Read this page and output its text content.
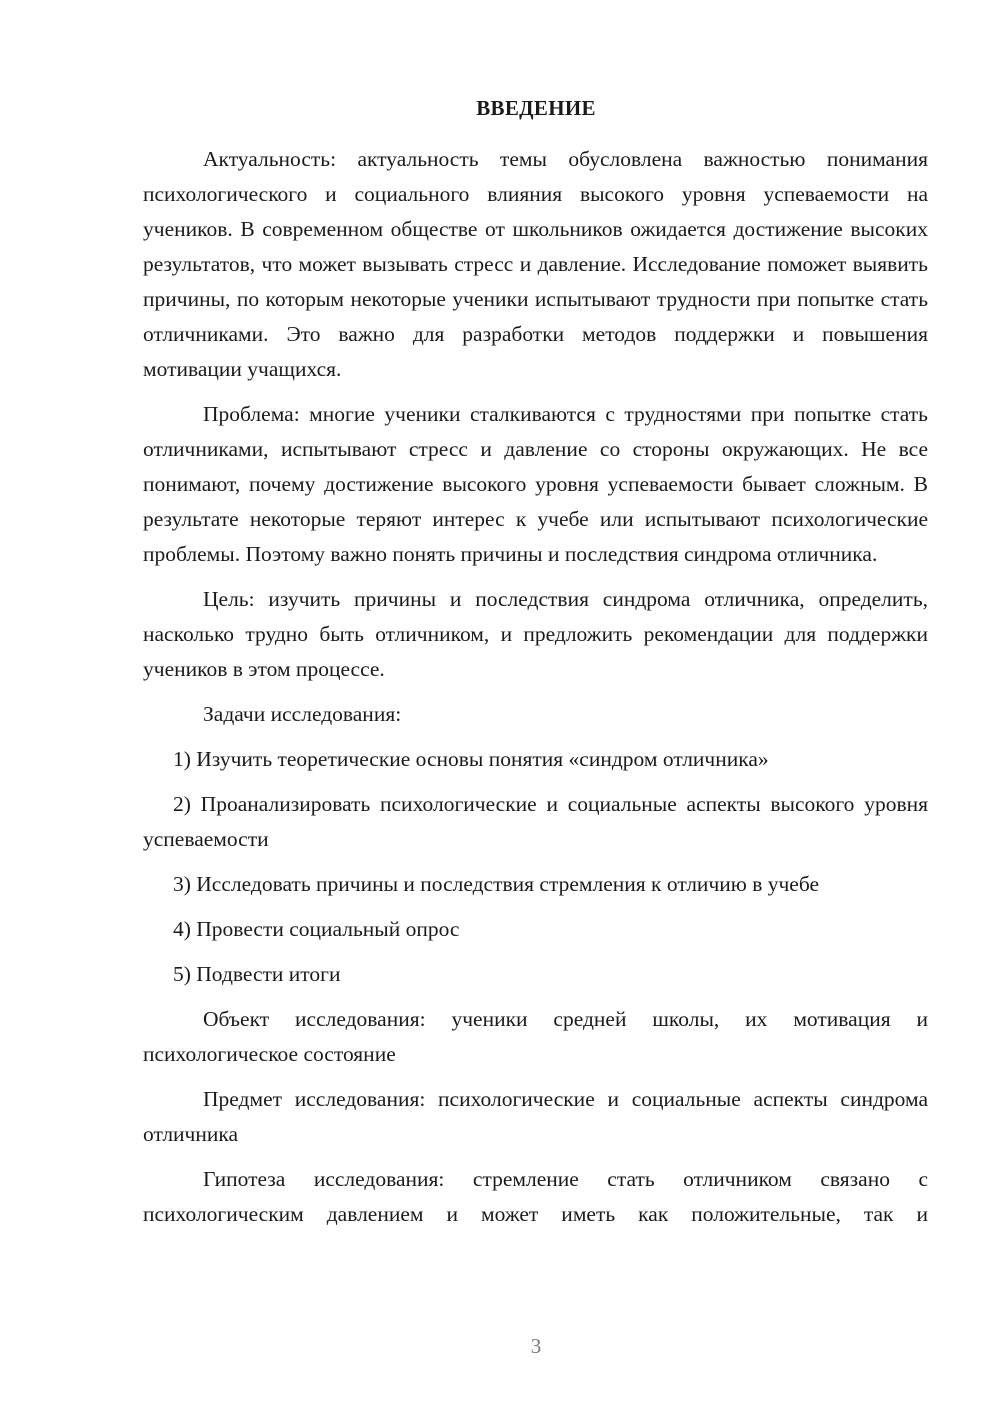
ВВЕДЕНИЕ

Актуальность: актуальность темы обусловлена важностью понимания психологического и социального влияния высокого уровня успеваемости на учеников. В современном обществе от школьников ожидается достижение высоких результатов, что может вызывать стресс и давление. Исследование поможет выявить причины, по которым некоторые ученики испытывают трудности при попытке стать отличниками. Это важно для разработки методов поддержки и повышения мотивации учащихся.

Проблема: многие ученики сталкиваются с трудностями при попытке стать отличниками, испытывают стресс и давление со стороны окружающих. Не все понимают, почему достижение высокого уровня успеваемости бывает сложным. В результате некоторые теряют интерес к учебе или испытывают психологические проблемы. Поэтому важно понять причины и последствия синдрома отличника.

Цель: изучить причины и последствия синдрома отличника, определить, насколько трудно быть отличником, и предложить рекомендации для поддержки учеников в этом процессе.

Задачи исследования:

1) Изучить теоретические основы понятия «синдром отличника»
2) Проанализировать психологические и социальные аспекты высокого уровня успеваемости
3) Исследовать причины и последствия стремления к отличию в учебе
4) Провести социальный опрос
5) Подвести итоги

Объект исследования: ученики средней школы, их мотивация и психологическое состояние

Предмет исследования: психологические и социальные аспекты синдрома отличника

Гипотеза исследования: стремление стать отличником связано с психологическим давлением и может иметь как положительные, так и

3
